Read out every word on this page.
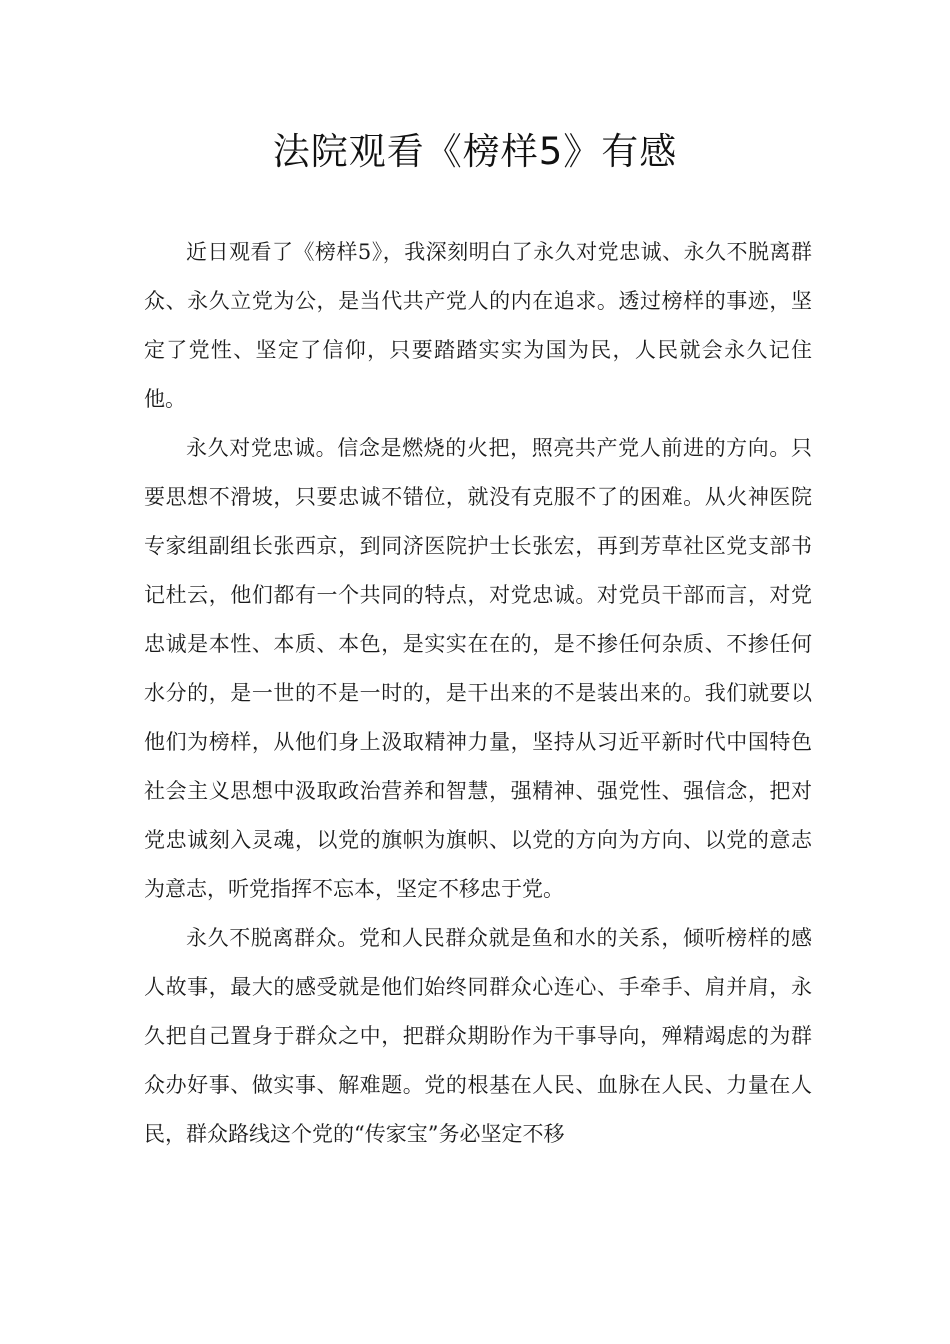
法院观看《榜样5》有感

近日观看了《榜样5》，我深刻明白了永久对党忠诚、永久不脱离群众、永久立党为公，是当代共产党人的内在追求。透过榜样的事迹，坚定了党性、坚定了信仰，只要踏踏实实为国为民，人民就会永久记住他。

永久对党忠诚。信念是燃烧的火把，照亮共产党人前进的方向。只要思想不滑坡，只要忠诚不错位，就没有克服不了的困难。从火神医院专家组副组长张西京，到同济医院护士长张宏，再到芳草社区党支部书记杜云，他们都有一个共同的特点，对党忠诚。对党员干部而言，对党忠诚是本性、本质、本色，是实实在在的，是不掺任何杂质、不掺任何水分的，是一世的不是一时的，是干出来的不是装出来的。我们就要以他们为榜样，从他们身上汲取精神力量，坚持从习近平新时代中国特色社会主义思想中汲取政治营养和智慧，强精神、强党性、强信念，把对党忠诚刻入灵魂，以党的旗帜为旗帜、以党的方向为方向、以党的意志为意志，听党指挥不忘本，坚定不移忠于党。

永久不脱离群众。党和人民群众就是鱼和水的关系，倾听榜样的感人故事，最大的感受就是他们始终同群众心连心、手牵手、肩并肩，永久把自己置身于群众之中，把群众期盼作为干事导向，殚精竭虑的为群众办好事、做实事、解难题。党的根基在人民、血脉在人民、力量在人民，群众路线这个党的“传家宝”务必坚定不移
